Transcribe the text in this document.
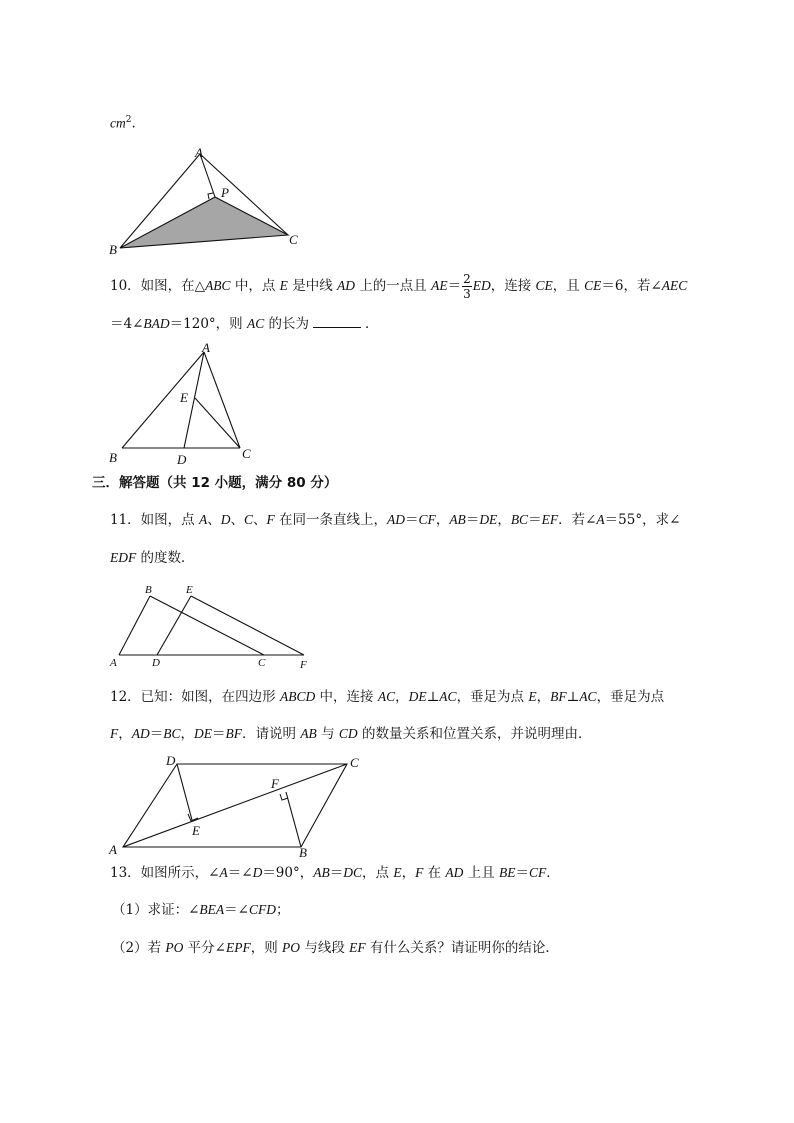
$cm^2$.
A
P
B
C
10．如图，在△ABC 中，点 E 是中线 AD 上的一点且 $AE= \frac{2}{3}$ ED，连接 CE，且 CE＝6，若∠AEC
＝4∠BAD＝120°，则 AC 的长为	．
A
E
B	D	C
三．解答题（共 12 小题，满分 80 分）
11．如图，点 A、D、C、F 在同一条直线上，AD＝CF，AB＝DE，BC＝EF．若∠A＝55°，求∠
EDF 的度数．
B	E
A	D	C	F
12．已知：如图，在四边形 ABCD 中，连接 AC，DE⊥AC，垂足为点 E，BF⊥AC，垂足为点
F，AD＝BC，DE＝BF．请说明 AB 与 CD 的数量关系和位置关系，并说明理由．
D	C
F
E
A	B
13．如图所示，∠A＝∠D＝90°，AB＝DC，点 E，F 在 AD 上且 BE＝CF．
（1）求证：∠BEA＝∠CFD；
（2）若 PO 平分∠EPF，则 PO 与线段 EF 有什么关系？请证明你的结论．
